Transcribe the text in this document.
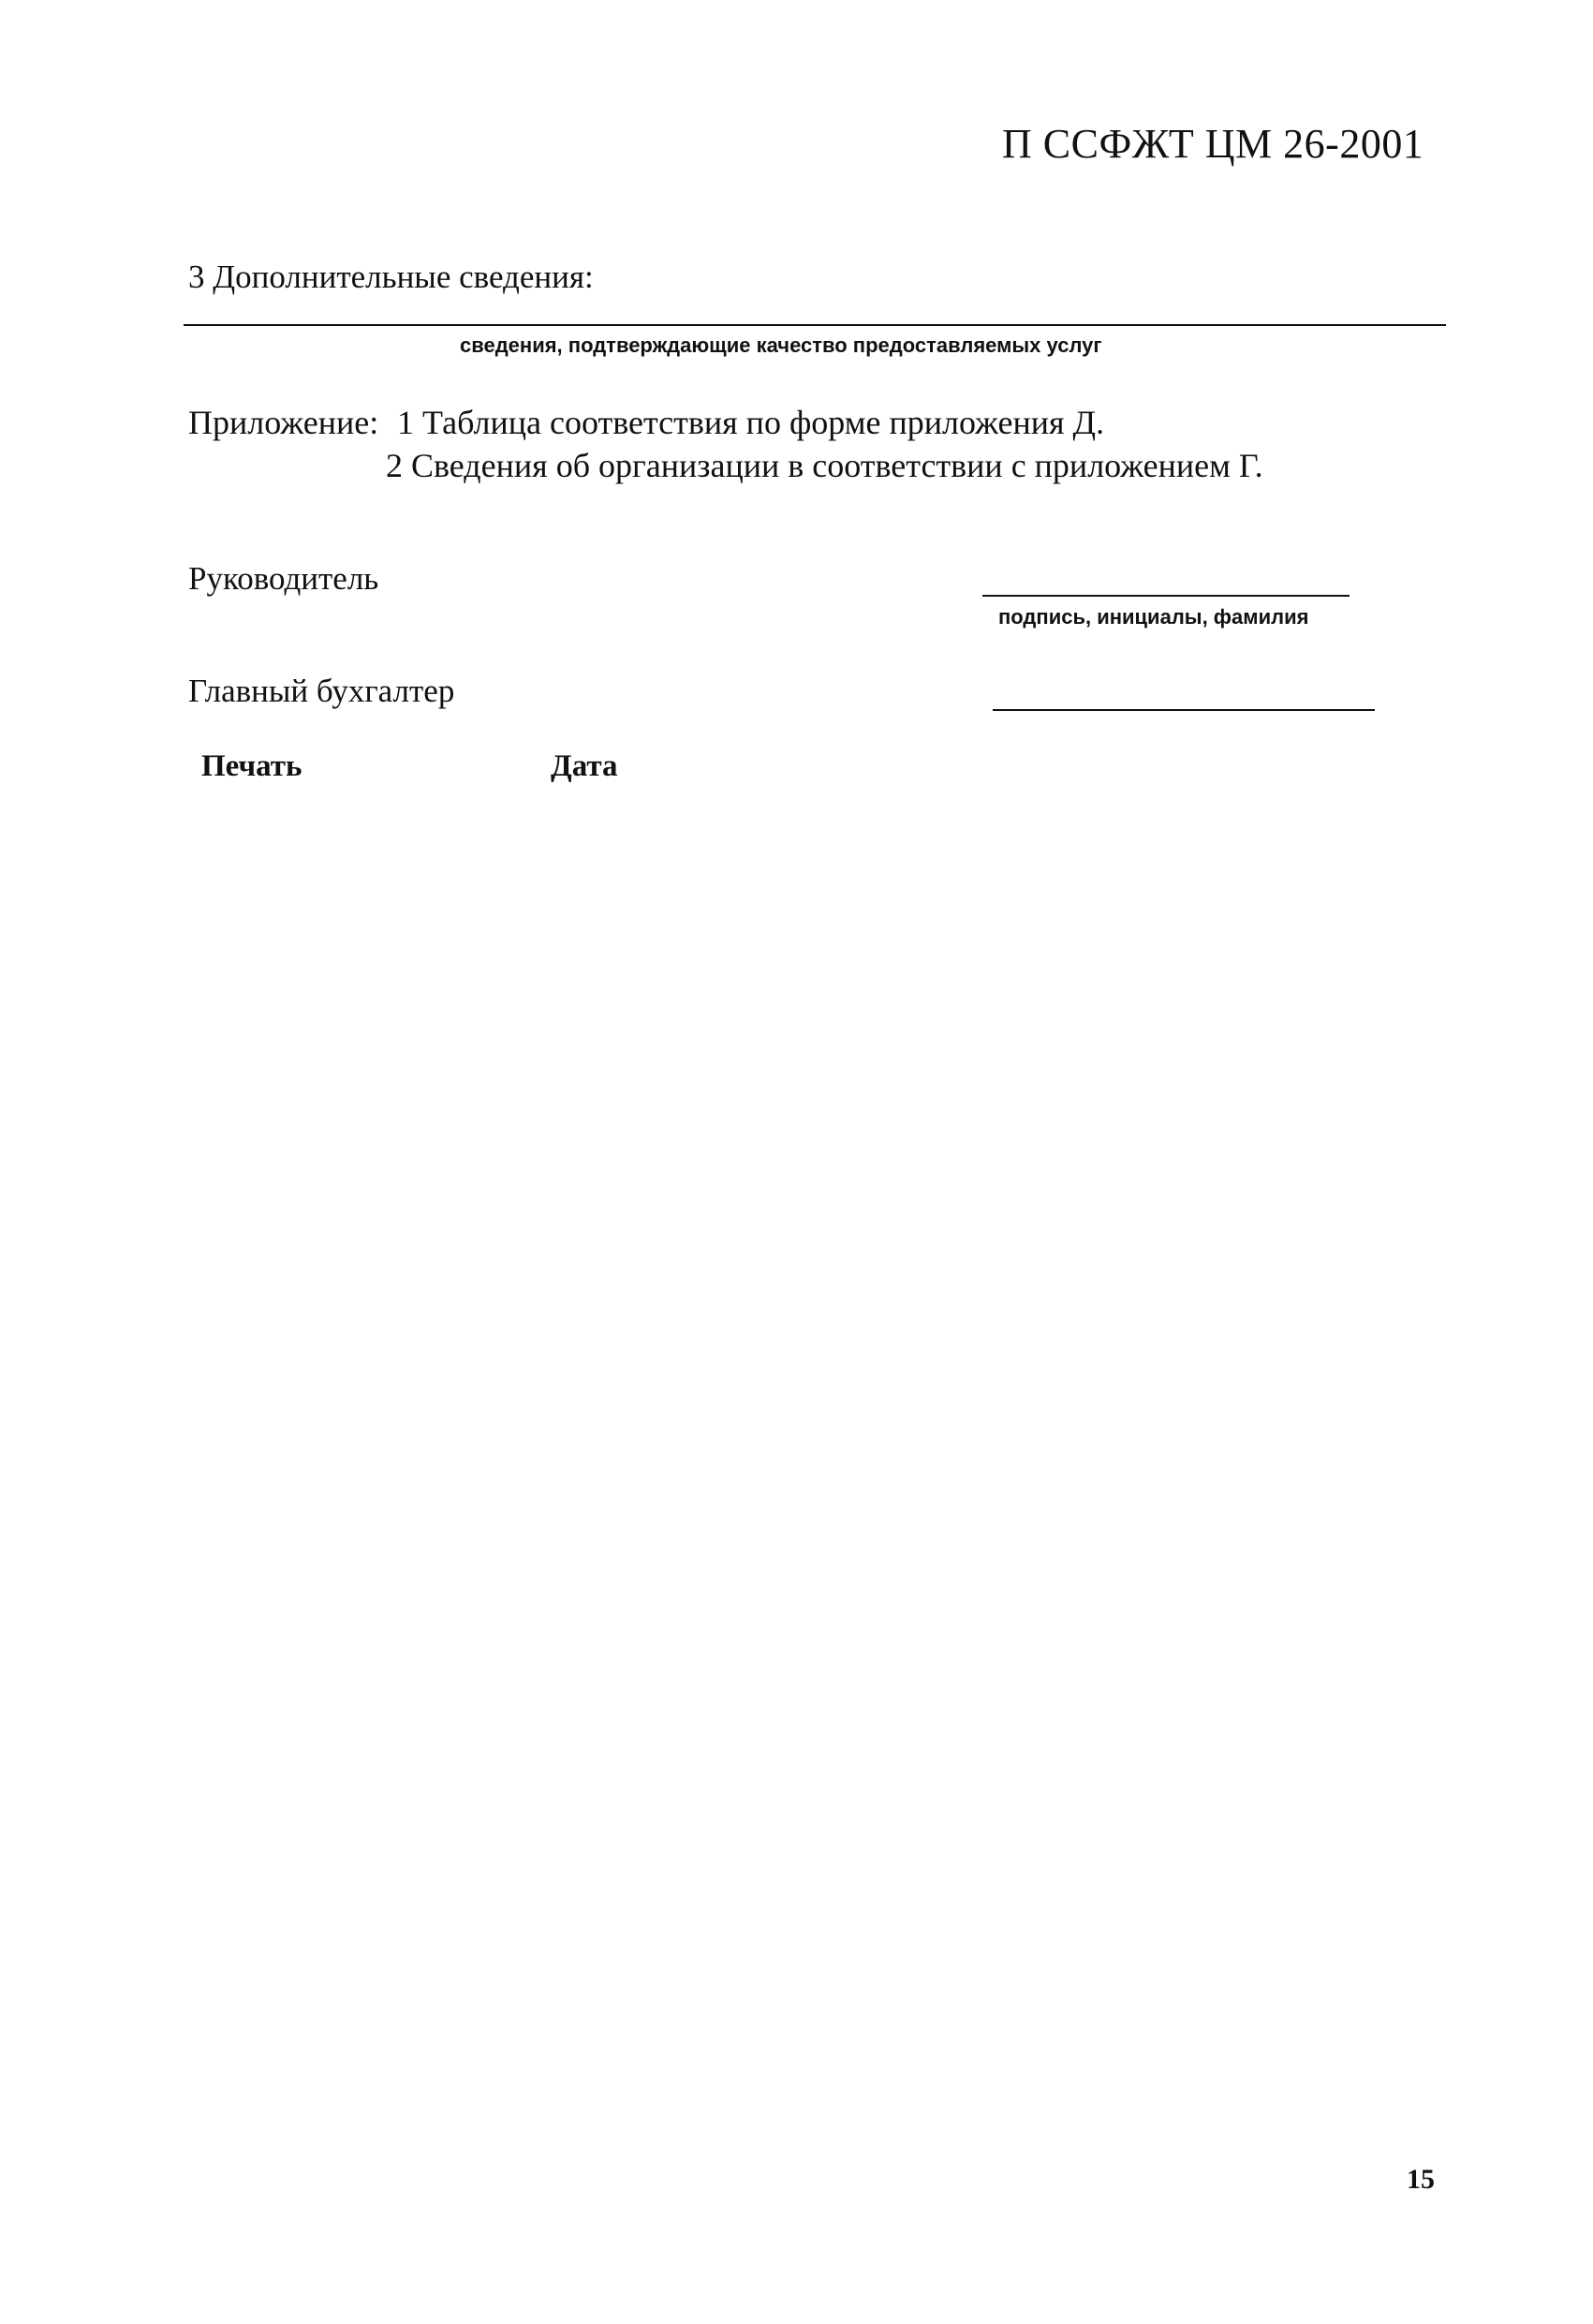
П ССФЖТ ЦМ 26-2001
3 Дополнительные сведения:
сведения, подтверждающие качество предоставляемых услуг
Приложение: 1 Таблица соответствия по форме приложения Д.
2 Сведения об организации в соответствии с приложением Г.
Руководитель
подпись, инициалы, фамилия
Главный бухгалтер
Печать	Дата
15
